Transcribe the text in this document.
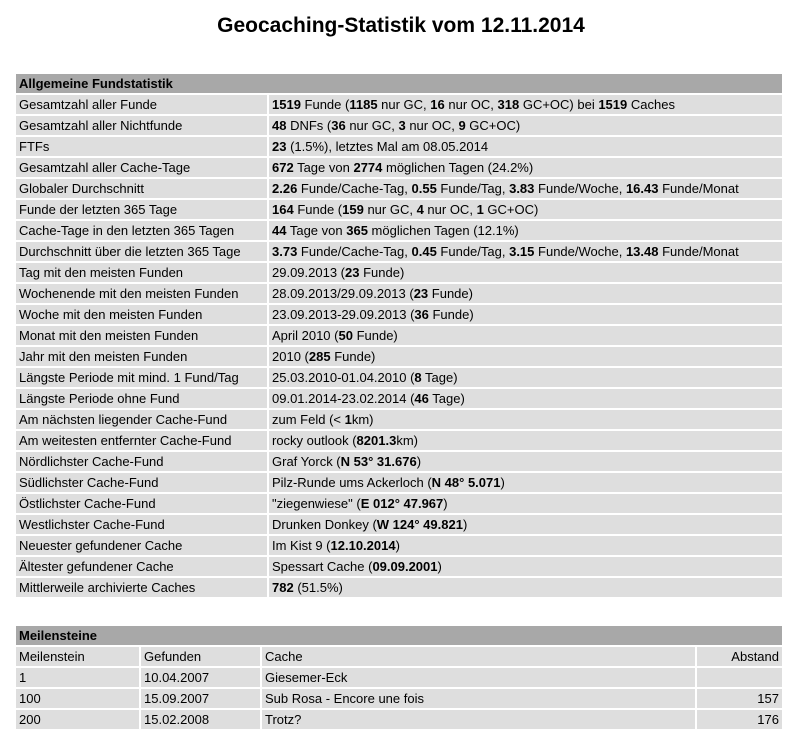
Geocaching-Statistik vom 12.11.2014
Allgemeine Fundstatistik	
Gesamtzahl aller Funde	1519 Funde (1185 nur GC, 16 nur OC, 318 GC+OC) bei 1519 Caches
Gesamtzahl aller Nichtfunde	48 DNFs (36 nur GC, 3 nur OC, 9 GC+OC)
FTFs	23 (1.5%), letztes Mal am 08.05.2014
Gesamtzahl aller Cache-Tage	672 Tage von 2774 möglichen Tagen (24.2%)
Globaler Durchschnitt	2.26 Funde/Cache-Tag, 0.55 Funde/Tag, 3.83 Funde/Woche, 16.43 Funde/Monat
Funde der letzten 365 Tage	164 Funde (159 nur GC, 4 nur OC, 1 GC+OC)
Cache-Tage in den letzten 365 Tagen	44 Tage von 365 möglichen Tagen (12.1%)
Durchschnitt über die letzten 365 Tage	3.73 Funde/Cache-Tag, 0.45 Funde/Tag, 3.15 Funde/Woche, 13.48 Funde/Monat
Tag mit den meisten Funden	29.09.2013 (23 Funde)
Wochenende mit den meisten Funden	28.09.2013/29.09.2013 (23 Funde)
Woche mit den meisten Funden	23.09.2013-29.09.2013 (36 Funde)
Monat mit den meisten Funden	April 2010 (50 Funde)
Jahr mit den meisten Funden	2010 (285 Funde)
Längste Periode mit mind. 1 Fund/Tag	25.03.2010-01.04.2010 (8 Tage)
Längste Periode ohne Fund	09.01.2014-23.02.2014 (46 Tage)
Am nächsten liegender Cache-Fund	zum Feld (< 1km)
Am weitesten entfernter Cache-Fund	rocky outlook (8201.3km)
Nördlichster Cache-Fund	Graf Yorck (N 53° 31.676)
Südlichster Cache-Fund	Pilz-Runde ums Ackerloch (N 48° 5.071)
Östlichster Cache-Fund	"ziegenwiese" (E 012° 47.967)
Westlichster Cache-Fund	Drunken Donkey (W 124° 49.821)
Neuester gefundener Cache	Im Kist 9 (12.10.2014)
Ältester gefundener Cache	Spessart Cache (09.09.2001)
Mittlerweile archivierte Caches	782 (51.5%)
Meilensteine			
Meilenstein	Gefunden	Cache	Abstand
1	10.04.2007	Giesemer-Eck	
100	15.09.2007	Sub Rosa - Encore une fois	157
200	15.02.2008	Trotz?	176
